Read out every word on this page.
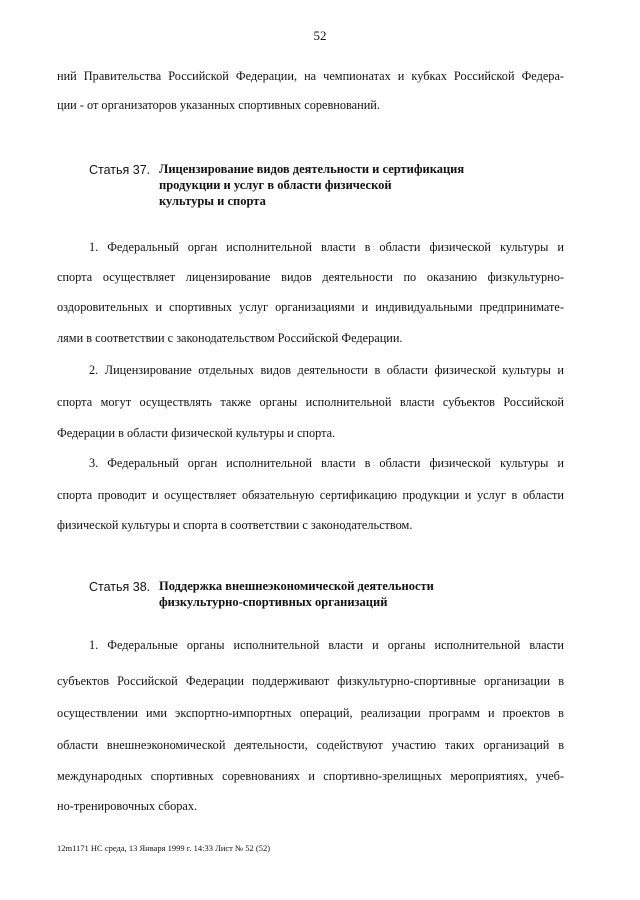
52
ний Правительства Российской Федерации, на чемпионатах и кубках Российской Федера-
ции - от организаторов указанных спортивных соревнований.
Статья 37. Лицензирование видов деятельности и сертификация
продукции и услуг в области физической
культуры и спорта
1. Федеральный орган исполнительной власти в области физической культуры и
спорта осуществляет лицензирование видов деятельности по оказанию физкультурно-
оздоровительных и спортивных услуг организациями и индивидуальными предпринимате-
лями в соответствии с законодательством Российской Федерации.
2. Лицензирование отдельных видов деятельности в области физической культуры и
спорта могут осуществлять также органы исполнительной власти субъектов Российской
Федерации в области физической культуры и спорта.
3. Федеральный орган исполнительной власти в области физической культуры и
спорта проводит и осуществляет обязательную сертификацию продукции и услуг в области
физической культуры и спорта в соответствии с законодательством.
Статья 38. Поддержка внешнеэкономической деятельности
физкультурно-спортивных организаций
1. Федеральные органы исполнительной власти и органы исполнительной власти
субъектов Российской Федерации поддерживают физкультурно-спортивные организации в
осуществлении ими экспортно-импортных операций, реализации программ и проектов в
области внешнеэкономической деятельности, содействуют участию таких организаций в
международных спортивных соревнованиях и спортивно-зрелищных мероприятиях, учеб-
но-тренировочных сборах.
12m1171 НС среда, 13 Января 1999 г. 14:33 Лист № 52 (52)
